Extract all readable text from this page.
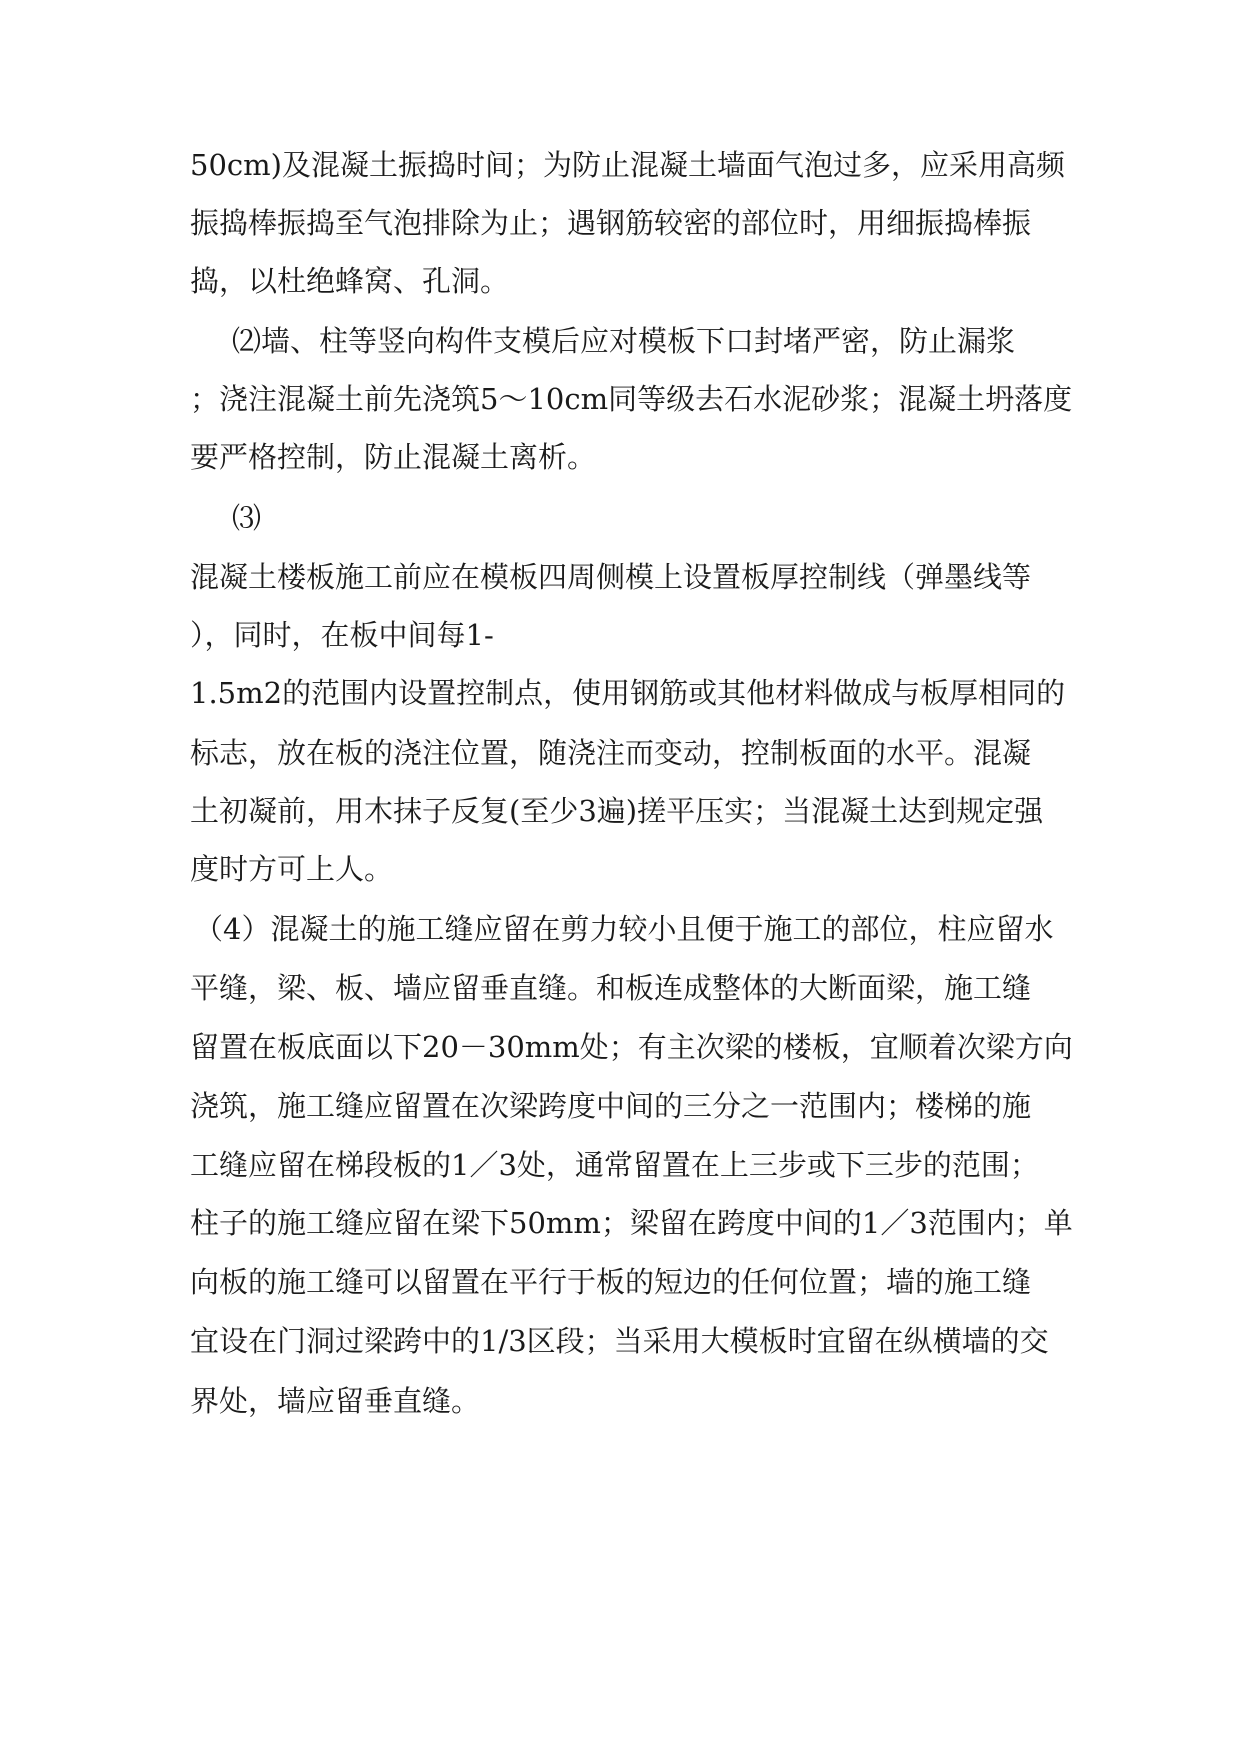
50cm)及混凝土振捣时间；为防止混凝土墙面气泡过多，应采用高频

振捣棒振捣至气泡排除为止；遇钢筋较密的部位时，用细振捣棒振

捣，以杜绝蜂窝、孔洞。

⑵墙、柱等竖向构件支模后应对模板下口封堵严密，防止漏浆

；浇注混凝土前先浇筑5～10cm同等级去石水泥砂浆；混凝土坍落度

要严格控制，防止混凝土离析。

⑶

混凝土楼板施工前应在模板四周侧模上设置板厚控制线（弹墨线等

），同时，在板中间每1-

1.5m2的范围内设置控制点，使用钢筋或其他材料做成与板厚相同的

标志，放在板的浇注位置，随浇注而变动，控制板面的水平。混凝

土初凝前，用木抹子反复(至少3遍)搓平压实；当混凝土达到规定强

度时方可上人。

（4）混凝土的施工缝应留在剪力较小且便于施工的部位，柱应留水

平缝，梁、板、墙应留垂直缝。和板连成整体的大断面梁，施工缝

留置在板底面以下20－30mm处；有主次梁的楼板，宜顺着次梁方向

浇筑，施工缝应留置在次梁跨度中间的三分之一范围内；楼梯的施

工缝应留在梯段板的1／3处，通常留置在上三步或下三步的范围；

柱子的施工缝应留在梁下50mm；梁留在跨度中间的1／3范围内；单

向板的施工缝可以留置在平行于板的短边的任何位置；墙的施工缝

宜设在门洞过梁跨中的1/3区段；当采用大模板时宜留在纵横墙的交

界处，墙应留垂直缝。
